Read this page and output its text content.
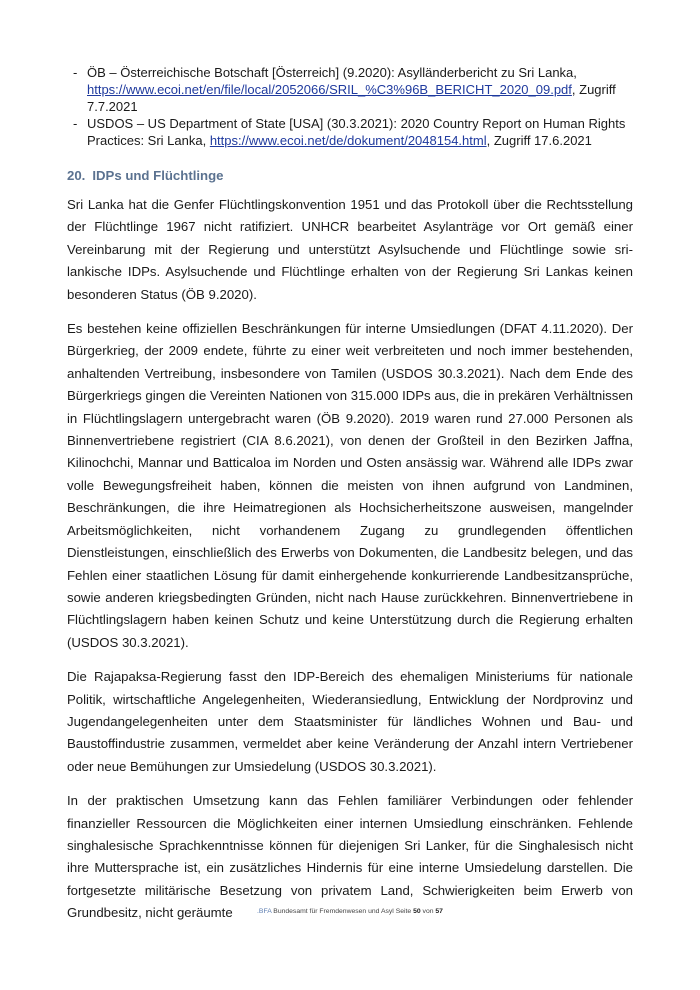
- ÖB – Österreichische Botschaft [Österreich] (9.2020): Asylländerbericht zu Sri Lanka, https://www.ecoi.net/en/file/local/2052066/SRIL_%C3%96B_BERICHT_2020_09.pdf, Zugriff 7.7.2021
- USDOS – US Department of State [USA] (30.3.2021): 2020 Country Report on Human Rights Practices: Sri Lanka, https://www.ecoi.net/de/dokument/2048154.html, Zugriff 17.6.2021
20. IDPs und Flüchtlinge

Sri Lanka hat die Genfer Flüchtlingskonvention 1951 und das Protokoll über die Rechtsstellung der Flüchtlinge 1967 nicht ratifiziert. UNHCR bearbeitet Asylanträge vor Ort gemäß einer Vereinbarung mit der Regierung und unterstützt Asylsuchende und Flüchtlinge sowie sri-lankische IDPs. Asylsuchende und Flüchtlinge erhalten von der Regierung Sri Lankas keinen besonderen Status (ÖB 9.2020).

Es bestehen keine offiziellen Beschränkungen für interne Umsiedlungen (DFAT 4.11.2020). Der Bürgerkrieg, der 2009 endete, führte zu einer weit verbreiteten und noch immer bestehenden, anhaltenden Vertreibung, insbesondere von Tamilen (USDOS 30.3.2021). Nach dem Ende des Bürgerkriegs gingen die Vereinten Nationen von 315.000 IDPs aus, die in prekären Verhältnissen in Flüchtlingslagern untergebracht waren (ÖB 9.2020). 2019 waren rund 27.000 Personen als Binnenvertriebene registriert (CIA 8.6.2021), von denen der Großteil in den Bezirken Jaffna, Kilinochchi, Mannar und Batticaloa im Norden und Osten ansässig war. Während alle IDPs zwar volle Bewegungsfreiheit haben, können die meisten von ihnen aufgrund von Landminen, Beschränkungen, die ihre Heimatregionen als Hochsicherheitszone ausweisen, mangelnder Arbeitsmöglichkeiten, nicht vorhandenem Zugang zu grundlegenden öffentlichen Dienstleistungen, einschließlich des Erwerbs von Dokumenten, die Landbesitz belegen, und das Fehlen einer staatlichen Lösung für damit einhergehende konkurrierende Landbesitzansprüche, sowie anderen kriegsbedingten Gründen, nicht nach Hause zurückkehren. Binnenvertriebene in Flüchtlingslagern haben keinen Schutz und keine Unterstützung durch die Regierung erhalten (USDOS 30.3.2021).

Die Rajapaksa-Regierung fasst den IDP-Bereich des ehemaligen Ministeriums für nationale Politik, wirtschaftliche Angelegenheiten, Wiederansiedlung, Entwicklung der Nordprovinz und Jugendangelegenheiten unter dem Staatsminister für ländliches Wohnen und Bau- und Baustoffindustrie zusammen, vermeldet aber keine Veränderung der Anzahl intern Vertriebener oder neue Bemühungen zur Umsiedelung (USDOS 30.3.2021).

In der praktischen Umsetzung kann das Fehlen familiärer Verbindungen oder fehlender finanzieller Ressourcen die Möglichkeiten einer internen Umsiedlung einschränken. Fehlende singhalesische Sprachkenntnisse können für diejenigen Sri Lanker, für die Singhalesisch nicht ihre Muttersprache ist, ein zusätzliches Hindernis für eine interne Umsiedelung darstellen. Die fortgesetzte militärische Besetzung von privatem Land, Schwierigkeiten beim Erwerb von Grundbesitz, nicht geräumte	.BFA Bundesamt für Fremdenwesen und Asyl Seite 50 von 57
